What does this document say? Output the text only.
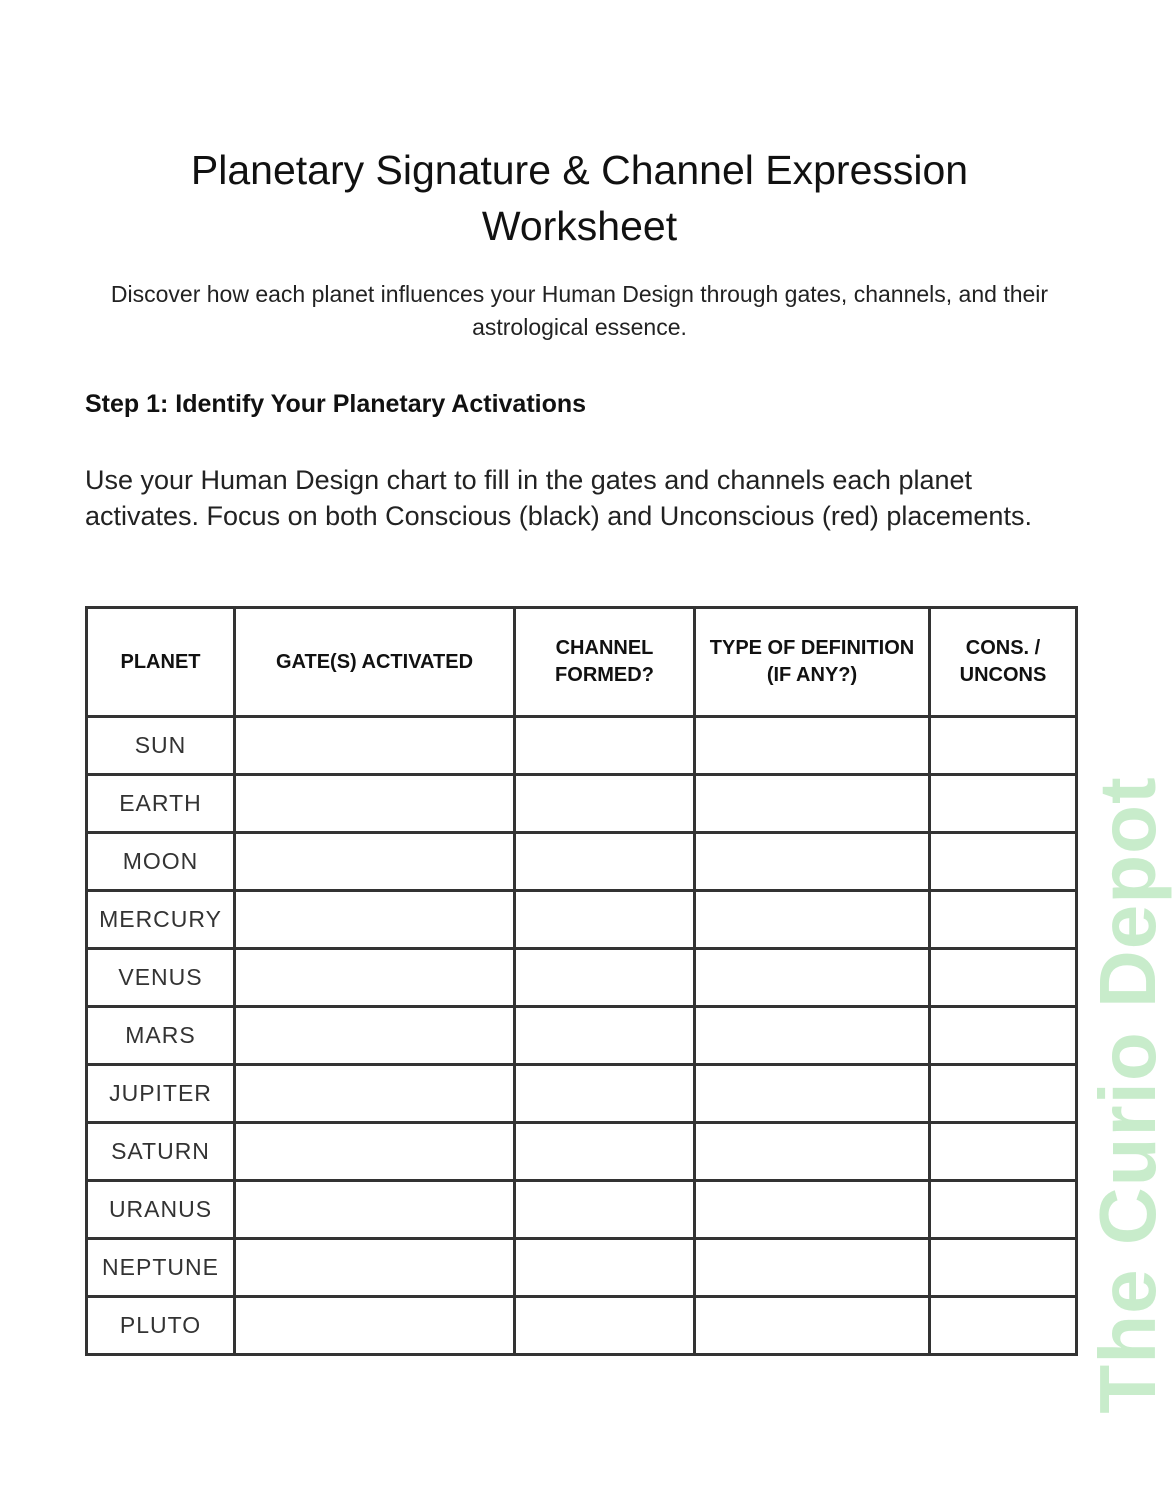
Planetary Signature & Channel Expression Worksheet

Discover how each planet influences your Human Design through gates, channels, and their astrological essence.

Step 1: Identify Your Planetary Activations

Use your Human Design chart to fill in the gates and channels each planet activates. Focus on both Conscious (black) and Unconscious (red) placements.

PLANET	GATE(S) ACTIVATED	CHANNEL FORMED?	TYPE OF DEFINITION (IF ANY?)	CONS. / UNCONS
SUN				
EARTH				
MOON				
MERCURY				
VENUS				
MARS				
JUPITER				
SATURN				
URANUS				
NEPTUNE				
PLUTO					The Curio Depot
